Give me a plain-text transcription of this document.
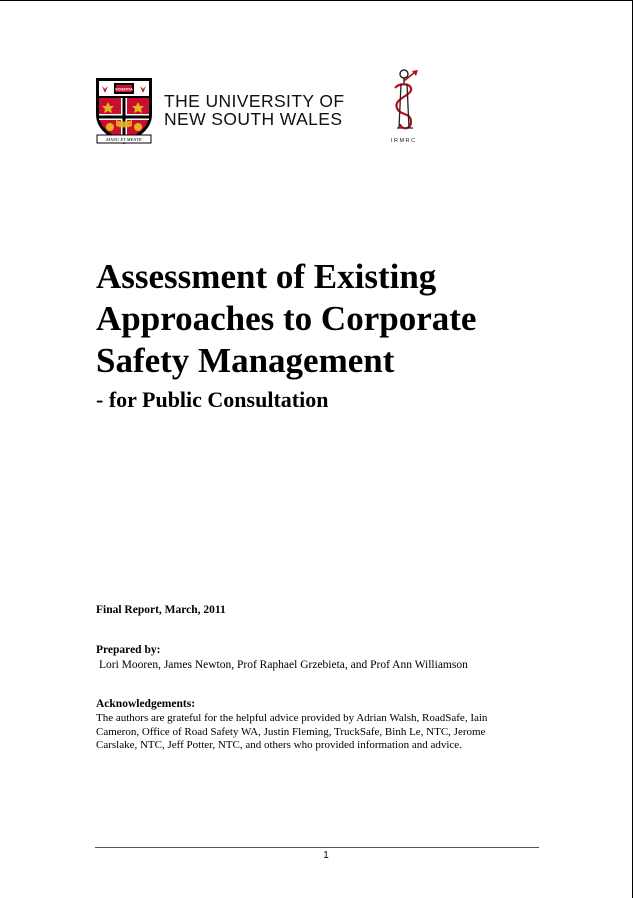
SCIENTIA
MANU ET MENTE
THE UNIVERSITY OF
NEW SOUTH WALES
I R M R C
Assessment of Existing
Approaches to Corporate
Safety Management
- for Public Consultation
Final Report, March, 2011
Prepared by:
Lori Mooren, James Newton, Prof Raphael Grzebieta, and Prof Ann Williamson
Acknowledgements:
The authors are grateful for the helpful advice provided by Adrian Walsh, RoadSafe, Iain
Cameron, Office of Road Safety WA, Justin Fleming, TruckSafe, Binh Le, NTC, Jerome
Carslake, NTC, Jeff Potter, NTC, and others who provided information and advice.
1
